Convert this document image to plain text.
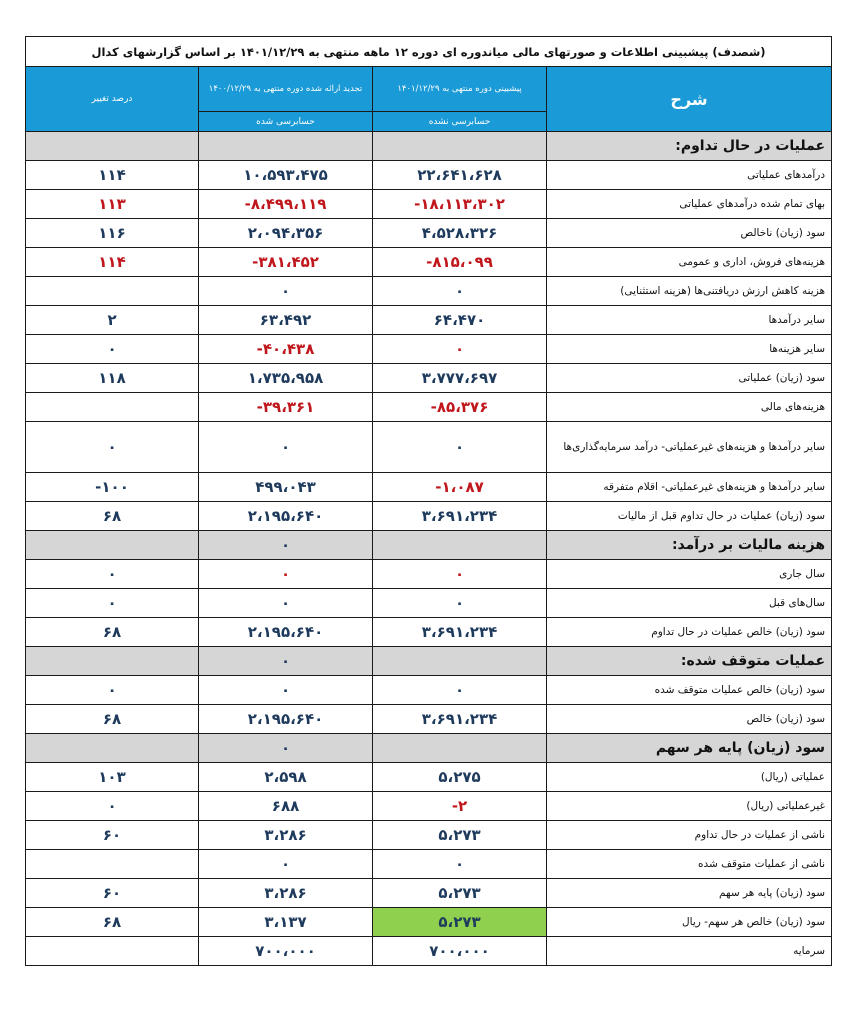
(شصدف) پیشبینی اطلاعات و صورتهای مالی میاندوره ای دوره ۱۲ ماهه منتهی به ۱۴۰۱/۱۲/۲۹ بر اساس گزارشهای کدال			
شرح	پیشبینی دوره منتهی به ۱۴۰۱/۱۲/۲۹	تجدید ارائه شده دوره منتهی به ۱۴۰۰/۱۲/۲۹	درصد تغییر
	حسابرسی نشده	حسابرسی شده	
عملیات در حال تداوم:			
درآمدهای عملیاتی	۲۲،۶۴۱،۶۲۸	۱۰،۵۹۳،۴۷۵	۱۱۴
بهای تمام شده درآمدهای عملیاتی	-۱۸،۱۱۳،۳۰۲	-۸،۴۹۹،۱۱۹	۱۱۳
سود (زیان) ناخالص	۴،۵۲۸،۳۲۶	۲،۰۹۴،۳۵۶	۱۱۶
هزینه‌های فروش، اداری و عمومی	-۸۱۵،۰۹۹	-۳۸۱،۴۵۲	۱۱۴
هزینه کاهش ارزش دریافتنی‌ها (هزینه استثنایی)	۰	۰	
سایر درآمدها	۶۴،۴۷۰	۶۳،۴۹۲	۲
سایر هزینه‌ها	۰	-۴۰،۴۳۸	۰
سود (زیان) عملیاتی	۳،۷۷۷،۶۹۷	۱،۷۳۵،۹۵۸	۱۱۸
هزینه‌های مالی	-۸۵،۳۷۶	-۳۹،۳۶۱	
سایر درآمدها و هزینه‌های غیرعملیاتی- درآمد سرمایه‌گذاری‌ها	۰	۰	۰
سایر درآمدها و هزینه‌های غیرعملیاتی- اقلام متفرقه	-۱،۰۸۷	۴۹۹،۰۴۳	-۱۰۰
سود (زیان) عملیات در حال تداوم قبل از مالیات	۳،۶۹۱،۲۳۴	۲،۱۹۵،۶۴۰	۶۸
هزینه مالیات بر درآمد:		۰	
سال جاری	۰	۰	۰
سال‌های قبل	۰	۰	۰
سود (زیان) خالص عملیات در حال تداوم	۳،۶۹۱،۲۳۴	۲،۱۹۵،۶۴۰	۶۸
عملیات متوقف شده:		۰	
سود (زیان) خالص عملیات متوقف شده	۰	۰	۰
سود (زیان) خالص	۳،۶۹۱،۲۳۴	۲،۱۹۵،۶۴۰	۶۸
سود (زیان) پایه هر سهم		۰	
عملیاتی (ریال)	۵،۲۷۵	۲،۵۹۸	۱۰۳
غیرعملیاتی (ریال)	-۲	۶۸۸	۰
ناشی از عملیات در حال تداوم	۵،۲۷۳	۳،۲۸۶	۶۰
ناشی از عملیات متوقف شده	۰	۰	
سود (زیان) پایه هر سهم	۵،۲۷۳	۳،۲۸۶	۶۰
سود (زیان) خالص هر سهم- ریال	۵،۲۷۳	۳،۱۳۷	۶۸
سرمایه	۷۰۰،۰۰۰	۷۰۰،۰۰۰	
